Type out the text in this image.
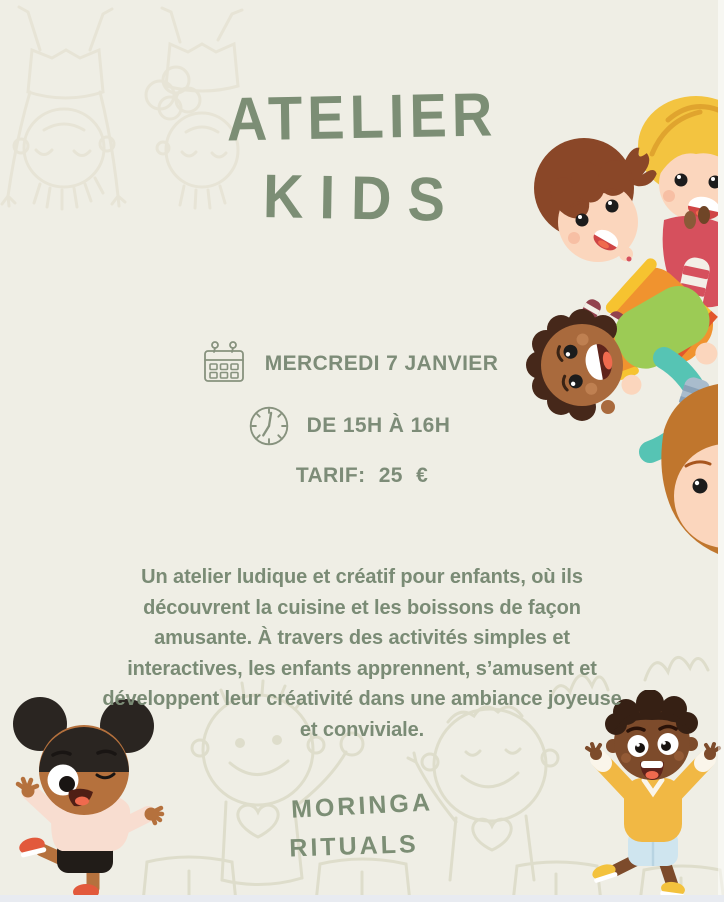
ATELIER
KIDS
MERCREDI 7 JANVIER
DE 15H À 16H
TARIF: 25 €

Un atelier ludique et créatif pour enfants, où ils
découvrent la cuisine et les boissons de façon
amusante. À travers des activités simples et
interactives, les enfants apprennent, s’amusent et
développent leur créativité dans une ambiance joyeuse
et conviviale.

MORINGA
RITUALS
